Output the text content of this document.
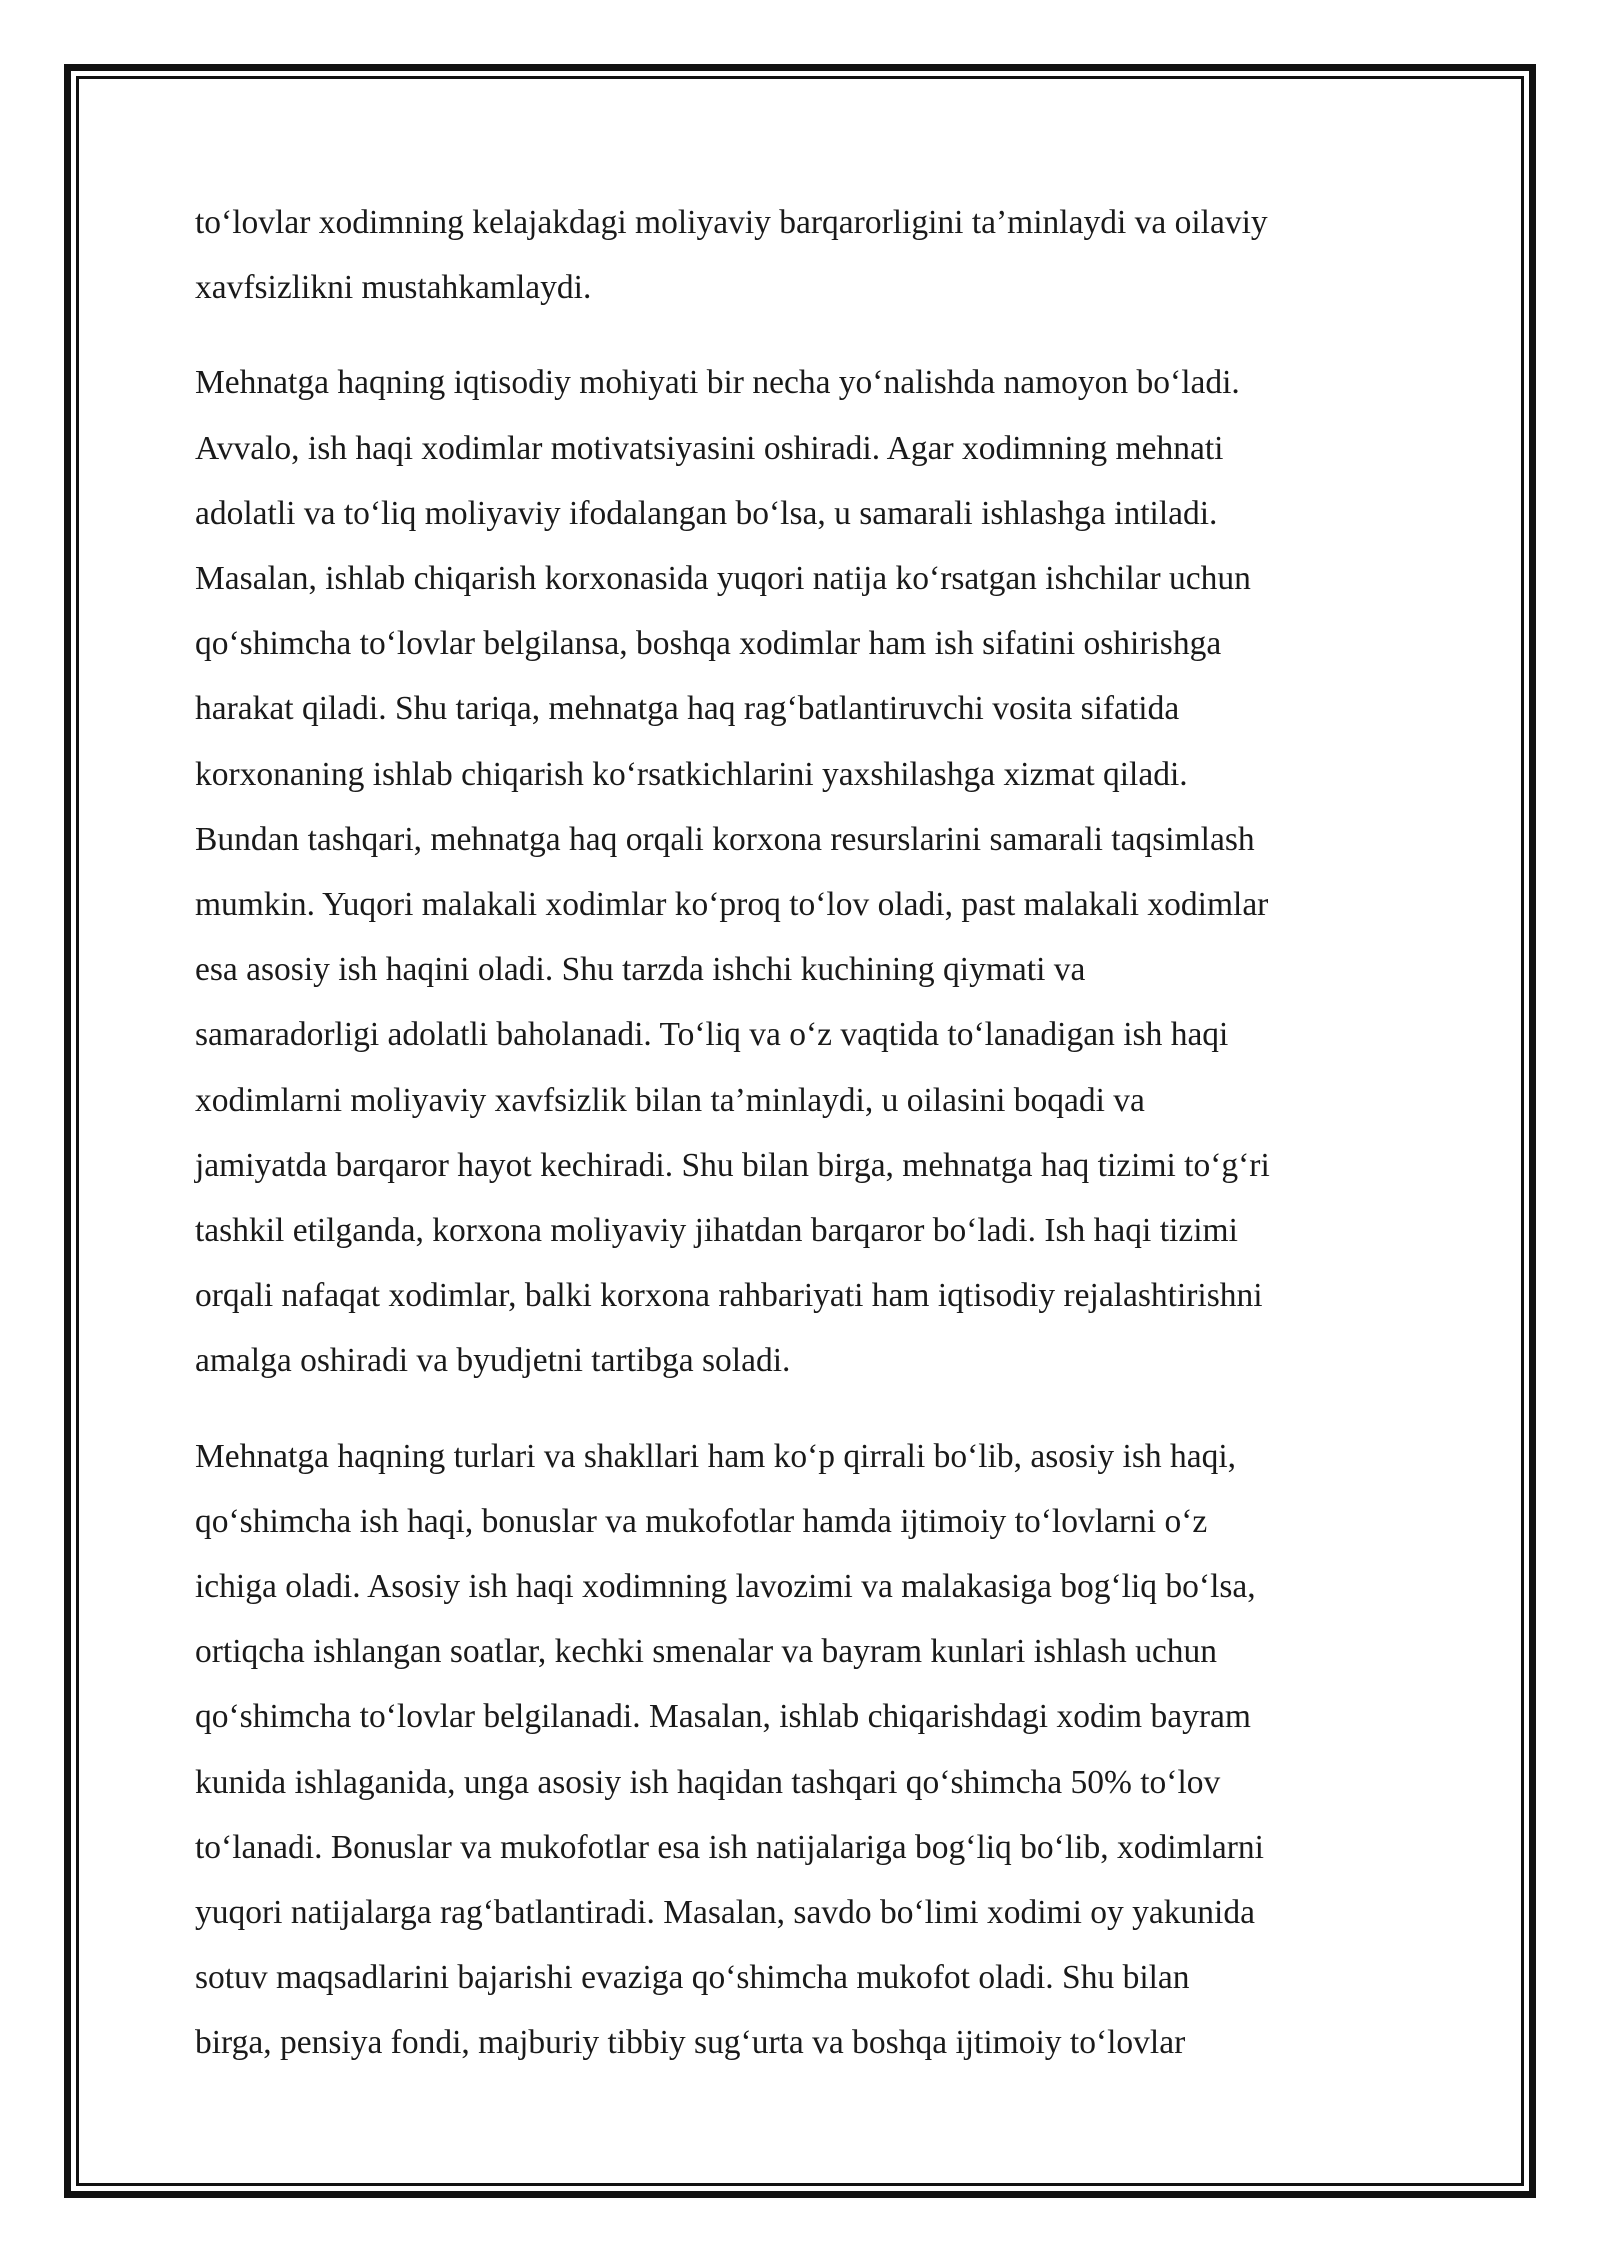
to‘lovlar xodimning kelajakdagi moliyaviy barqarorligini ta’minlaydi va oilaviy
xavfsizlikni mustahkamlaydi.

Mehnatga haqning iqtisodiy mohiyati bir necha yo‘nalishda namoyon bo‘ladi.
Avvalo, ish haqi xodimlar motivatsiyasini oshiradi. Agar xodimning mehnati
adolatli va to‘liq moliyaviy ifodalangan bo‘lsa, u samarali ishlashga intiladi.
Masalan, ishlab chiqarish korxonasida yuqori natija ko‘rsatgan ishchilar uchun
qo‘shimcha to‘lovlar belgilansa, boshqa xodimlar ham ish sifatini oshirishga
harakat qiladi. Shu tariqa, mehnatga haq rag‘batlantiruvchi vosita sifatida
korxonaning ishlab chiqarish ko‘rsatkichlarini yaxshilashga xizmat qiladi.
Bundan tashqari, mehnatga haq orqali korxona resurslarini samarali taqsimlash
mumkin. Yuqori malakali xodimlar ko‘proq to‘lov oladi, past malakali xodimlar
esa asosiy ish haqini oladi. Shu tarzda ishchi kuchining qiymati va
samaradorligi adolatli baholanadi. To‘liq va o‘z vaqtida to‘lanadigan ish haqi
xodimlarni moliyaviy xavfsizlik bilan ta’minlaydi, u oilasini boqadi va
jamiyatda barqaror hayot kechiradi. Shu bilan birga, mehnatga haq tizimi to‘g‘ri
tashkil etilganda, korxona moliyaviy jihatdan barqaror bo‘ladi. Ish haqi tizimi
orqali nafaqat xodimlar, balki korxona rahbariyati ham iqtisodiy rejalashtirishni
amalga oshiradi va byudjetni tartibga soladi.

Mehnatga haqning turlari va shakllari ham ko‘p qirrali bo‘lib, asosiy ish haqi,
qo‘shimcha ish haqi, bonuslar va mukofotlar hamda ijtimoiy to‘lovlarni o‘z
ichiga oladi. Asosiy ish haqi xodimning lavozimi va malakasiga bog‘liq bo‘lsa,
ortiqcha ishlangan soatlar, kechki smenalar va bayram kunlari ishlash uchun
qo‘shimcha to‘lovlar belgilanadi. Masalan, ishlab chiqarishdagi xodim bayram
kunida ishlaganida, unga asosiy ish haqidan tashqari qo‘shimcha 50% to‘lov
to‘lanadi. Bonuslar va mukofotlar esa ish natijalariga bog‘liq bo‘lib, xodimlarni
yuqori natijalarga rag‘batlantiradi. Masalan, savdo bo‘limi xodimi oy yakunida
sotuv maqsadlarini bajarishi evaziga qo‘shimcha mukofot oladi. Shu bilan
birga, pensiya fondi, majburiy tibbiy sug‘urta va boshqa ijtimoiy to‘lovlar
